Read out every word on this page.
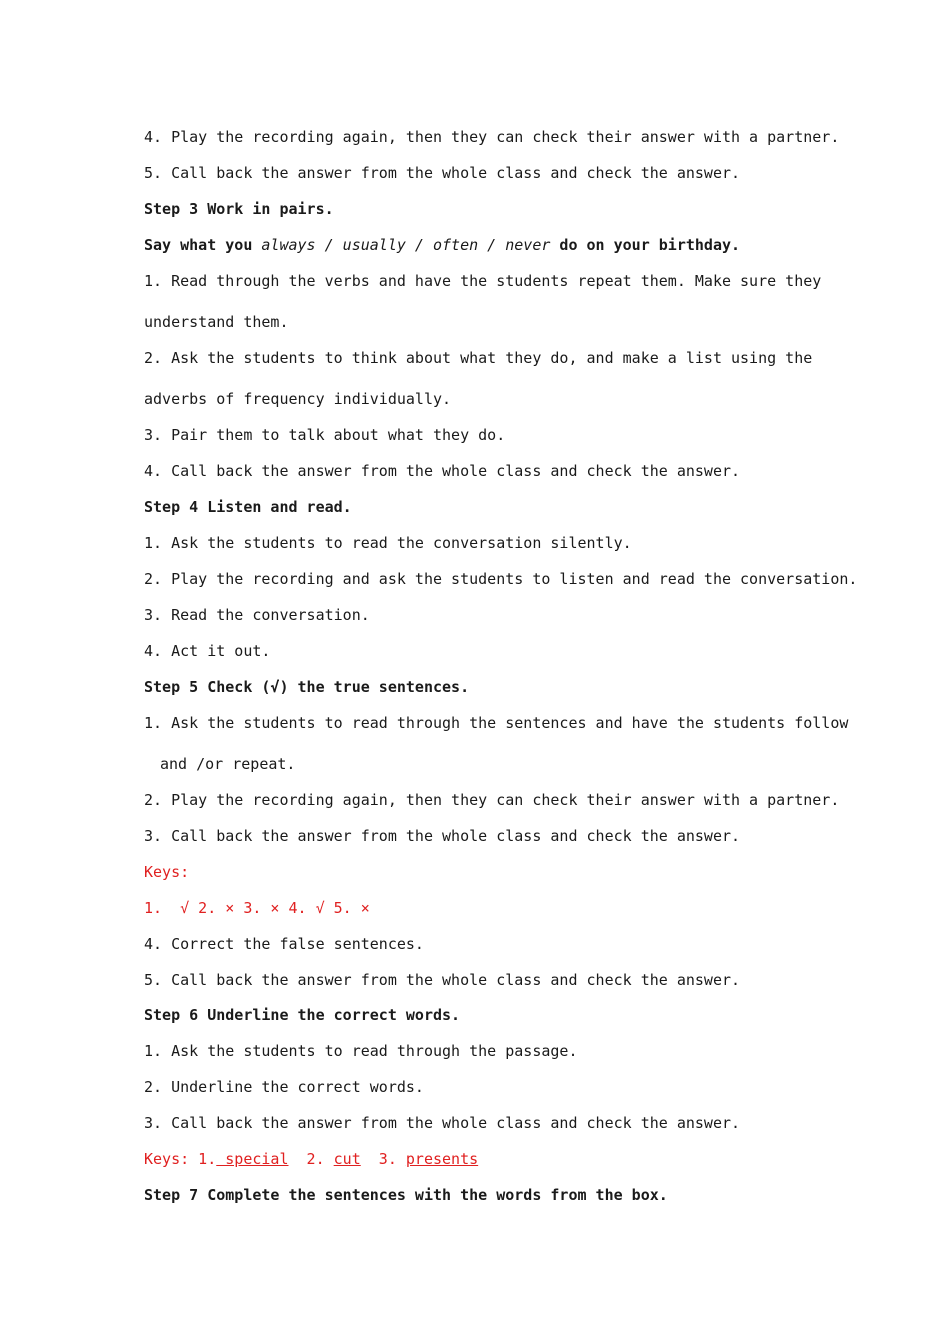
4. Play the recording again, then they can check their answer with a partner.
5. Call back the answer from the whole class and check the answer.
Step 3 Work in pairs.
Say what you always / usually / often / never do on your birthday.
1. Read through the verbs and have the students repeat them. Make sure they
understand them.
2. Ask the students to think about what they do, and make a list using the
adverbs of frequency individually.
3. Pair them to talk about what they do.
4. Call back the answer from the whole class and check the answer.
Step 4 Listen and read.
1. Ask the students to read the conversation silently.
2. Play the recording and ask the students to listen and read the conversation.
3. Read the conversation.
4. Act it out.
Step 5 Check (√) the true sentences.
1. Ask the students to read through the sentences and have the students follow
and /or repeat.
2. Play the recording again, then they can check their answer with a partner.
3. Call back the answer from the whole class and check the answer.
Keys:
1.  √ 2. × 3. × 4. √ 5. ×
4. Correct the false sentences.
5. Call back the answer from the whole class and check the answer.
Step 6 Underline the correct words.
1. Ask the students to read through the passage.
2. Underline the correct words.
3. Call back the answer from the whole class and check the answer.
Keys: 1. special  2. cut  3. presents
Step 7 Complete the sentences with the words from the box.
